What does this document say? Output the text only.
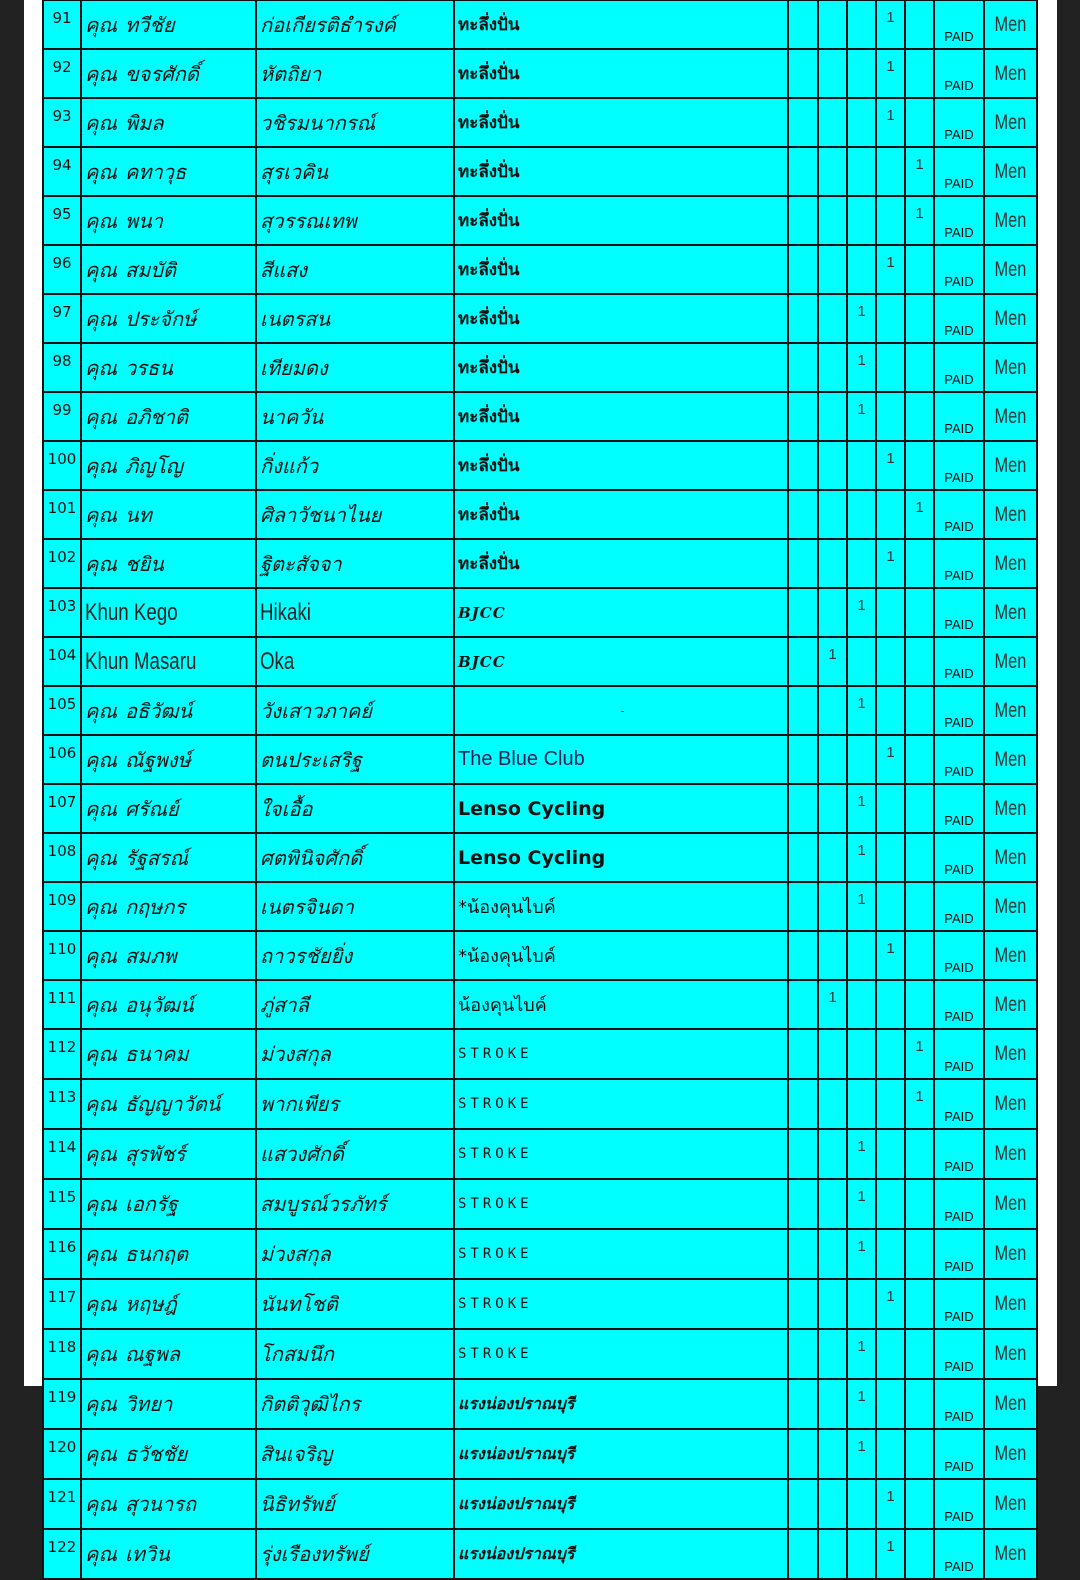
91	คุณ ทวีชัย	ก่อเกียรติธำรงค์	ทะลึ่งปั่น				1		PAID	Men
92	คุณ ขจรศักดิ์	หัตถิยา	ทะลึ่งปั่น				1		PAID	Men
93	คุณ พิมล	วชิรมนากรณ์	ทะลึ่งปั่น				1		PAID	Men
94	คุณ คทาวุธ	สุรเวคิน	ทะลึ่งปั่น					1	PAID	Men
95	คุณ พนา	สุวรรณเทพ	ทะลึ่งปั่น					1	PAID	Men
96	คุณ สมบัติ	สีแสง	ทะลึ่งปั่น				1		PAID	Men
97	คุณ ประจักษ์	เนตรสน	ทะลึ่งปั่น			1			PAID	Men
98	คุณ วรธน	เทียมดง	ทะลึ่งปั่น			1			PAID	Men
99	คุณ อภิชาติ	นาควัน	ทะลึ่งปั่น			1			PAID	Men
100	คุณ ภิญโญ	กิ่งแก้ว	ทะลึ่งปั่น				1		PAID	Men
101	คุณ นท	ศิลาวัชนาไนย	ทะลึ่งปั่น					1	PAID	Men
102	คุณ ชยิน	ฐิตะสัจจา	ทะลึ่งปั่น				1		PAID	Men
103	Khun Kego	Hikaki	BJCC			1			PAID	Men
104	Khun Masaru	Oka	BJCC		1				PAID	Men
105	คุณ อธิวัฒน์	วังเสาวภาคย์	-			1			PAID	Men
106	คุณ ณัฐพงษ์	ตนประเสริฐ	The Blue Club				1		PAID	Men
107	คุณ ศรัณย์	ใจเอื้อ	Lenso Cycling			1			PAID	Men
108	คุณ รัฐสรณ์	ศตพินิจศักดิ์	Lenso Cycling			1			PAID	Men
109	คุณ กฤษกร	เนตรจินดา	*น้องคุนไบค์			1			PAID	Men
110	คุณ สมภพ	ถาวรชัยยิ่ง	*น้องคุนไบค์				1		PAID	Men
111	คุณ อนุวัฒน์	ภู่สาลี	น้องคุนไบค์		1				PAID	Men
112	คุณ ธนาคม	ม่วงสกุล	STROKE					1	PAID	Men
113	คุณ ธัญญาวัตน์	พากเพียร	STROKE					1	PAID	Men
114	คุณ สุรพัชร์	แสวงศักดิ์	STROKE			1			PAID	Men
115	คุณ เอกรัฐ	สมบูรณ์วรภัทร์	STROKE			1			PAID	Men
116	คุณ ธนกฤต	ม่วงสกุล	STROKE			1			PAID	Men
117	คุณ หฤษฎ์	นันทโชติ	STROKE				1		PAID	Men
118	คุณ ณฐพล	โกสมนึก	STROKE			1			PAID	Men
119	คุณ วิทยา	กิตติวุฒิไกร	แรงน่องปราณบุรี			1			PAID	Men
120	คุณ ธวัชชัย	สินเจริญ	แรงน่องปราณบุรี			1			PAID	Men
121	คุณ สุวนารถ	นิธิทรัพย์	แรงน่องปราณบุรี				1		PAID	Men
122	คุณ เทวิน	รุ่งเรืองทรัพย์	แรงน่องปราณบุรี				1		PAID	Men
